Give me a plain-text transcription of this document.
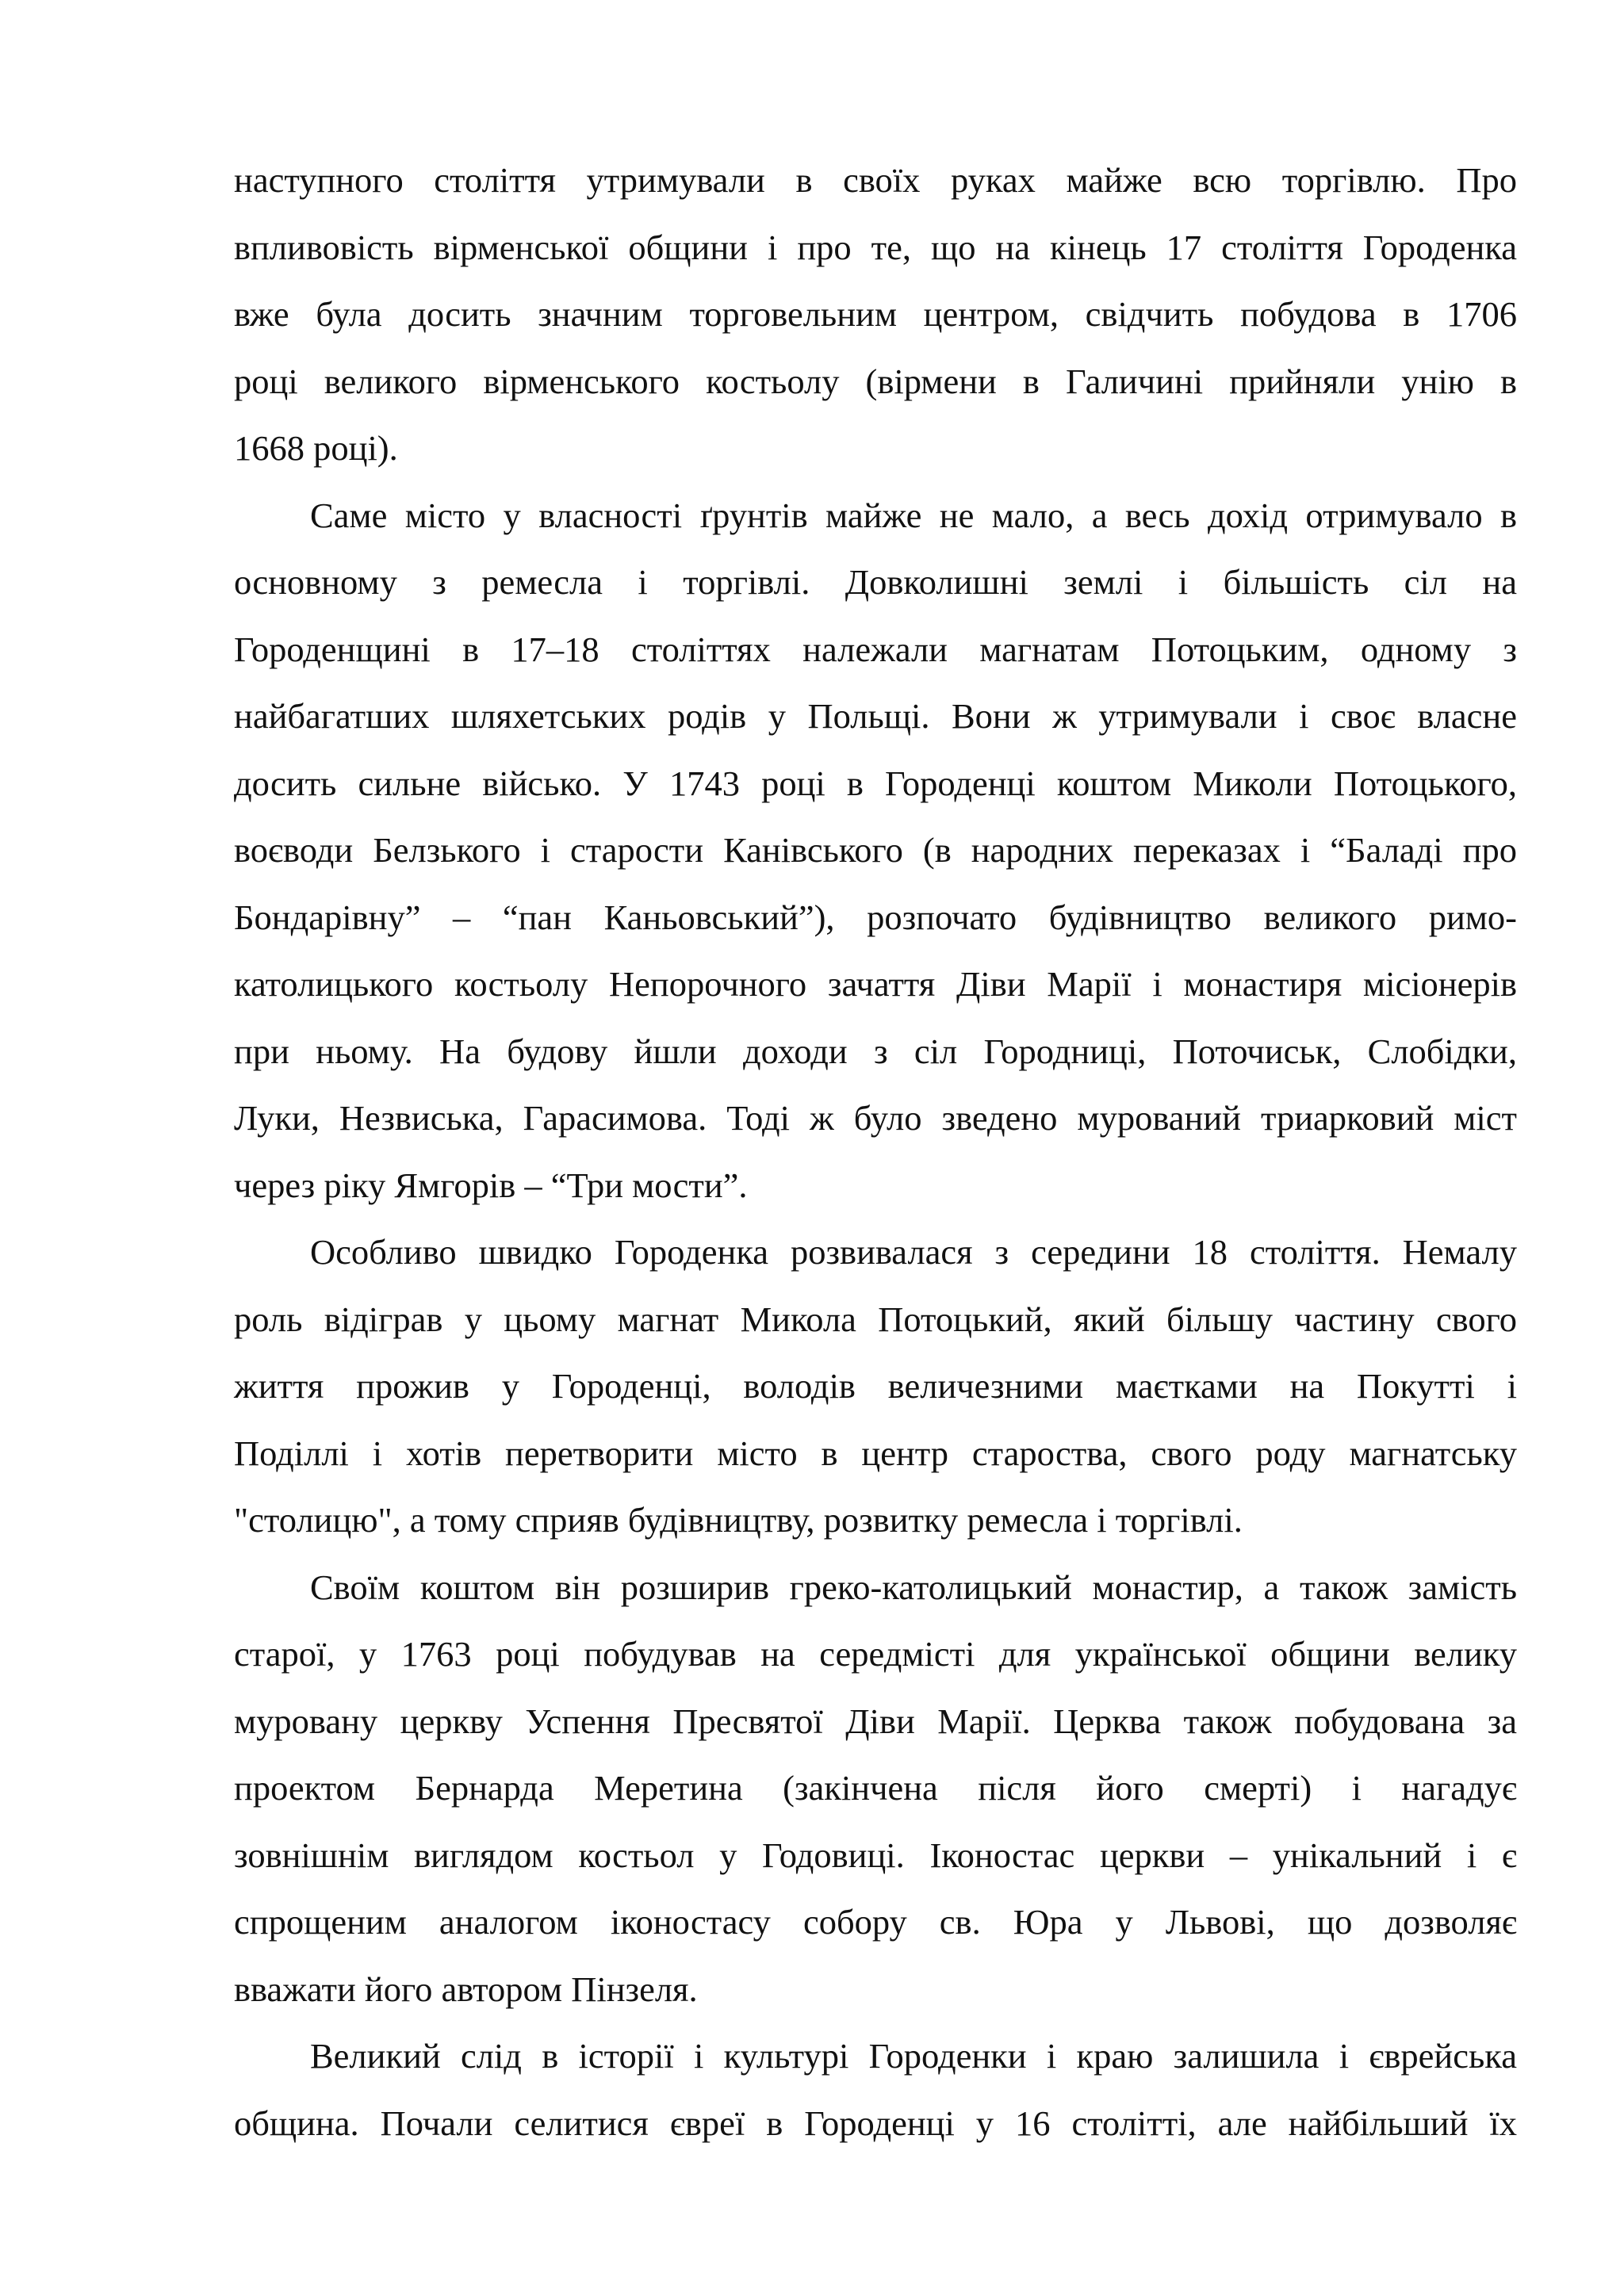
наступного століття утримували в своїх руках майже всю торгівлю. Про
впливовість вірменської общини і про те, що на кінець 17 століття Городенка
вже була досить значним торговельним центром, свідчить побудова в 1706
році великого вірменського костьолу (вірмени в Галичині прийняли унію в
1668 році).
Саме місто у власності ґрунтів майже не мало, а весь дохід отримувало в
основному з ремесла і торгівлі. Довколишні землі і більшість сіл на
Городенщині в 17–18 століттях належали магнатам Потоцьким, одному з
найбагатших шляхетських родів у Польщі. Вони ж утримували і своє власне
досить сильне військо. У 1743 році в Городенці коштом Миколи Потоцького,
воєводи Белзького і старости Канівського (в народних переказах і “Баладі про
Бондарівну” – “пан Каньовський”), розпочато будівництво великого римо-
католицького костьолу Непорочного зачаття Діви Марії і монастиря місіонерів
при ньому. На будову йшли доходи з сіл Городниці, Поточиськ, Слобідки,
Луки, Незвиська, Гарасимова. Тоді ж було зведено мурований триарковий міст
через ріку Ямгорів – “Три мости”.
Особливо швидко Городенка розвивалася з середини 18 століття. Немалу
роль відіграв у цьому магнат Микола Потоцький, який більшу частину свого
життя прожив у Городенці, володів величезними маєтками на Покутті і
Поділлі і хотів перетворити місто в центр староства, свого роду магнатську
"столицю", а тому сприяв будівництву, розвитку ремесла і торгівлі.
Своїм коштом він розширив греко-католицький монастир, а також замість
старої, у 1763 році побудував на середмісті для української общини велику
муровану церкву Успення Пресвятої Діви Марії. Церква також побудована за
проектом Бернарда Меретина (закінчена після його смерті) і нагадує
зовнішнім виглядом костьол у Годовиці. Іконостас церкви – унікальний і є
спрощеним аналогом іконостасу собору св. Юра у Львові, що дозволяє
вважати його автором Пінзеля.
Великий слід в історії і культурі Городенки і краю залишила і єврейська
община. Почали селитися євреї в Городенці у 16 столітті, але найбільший їх
